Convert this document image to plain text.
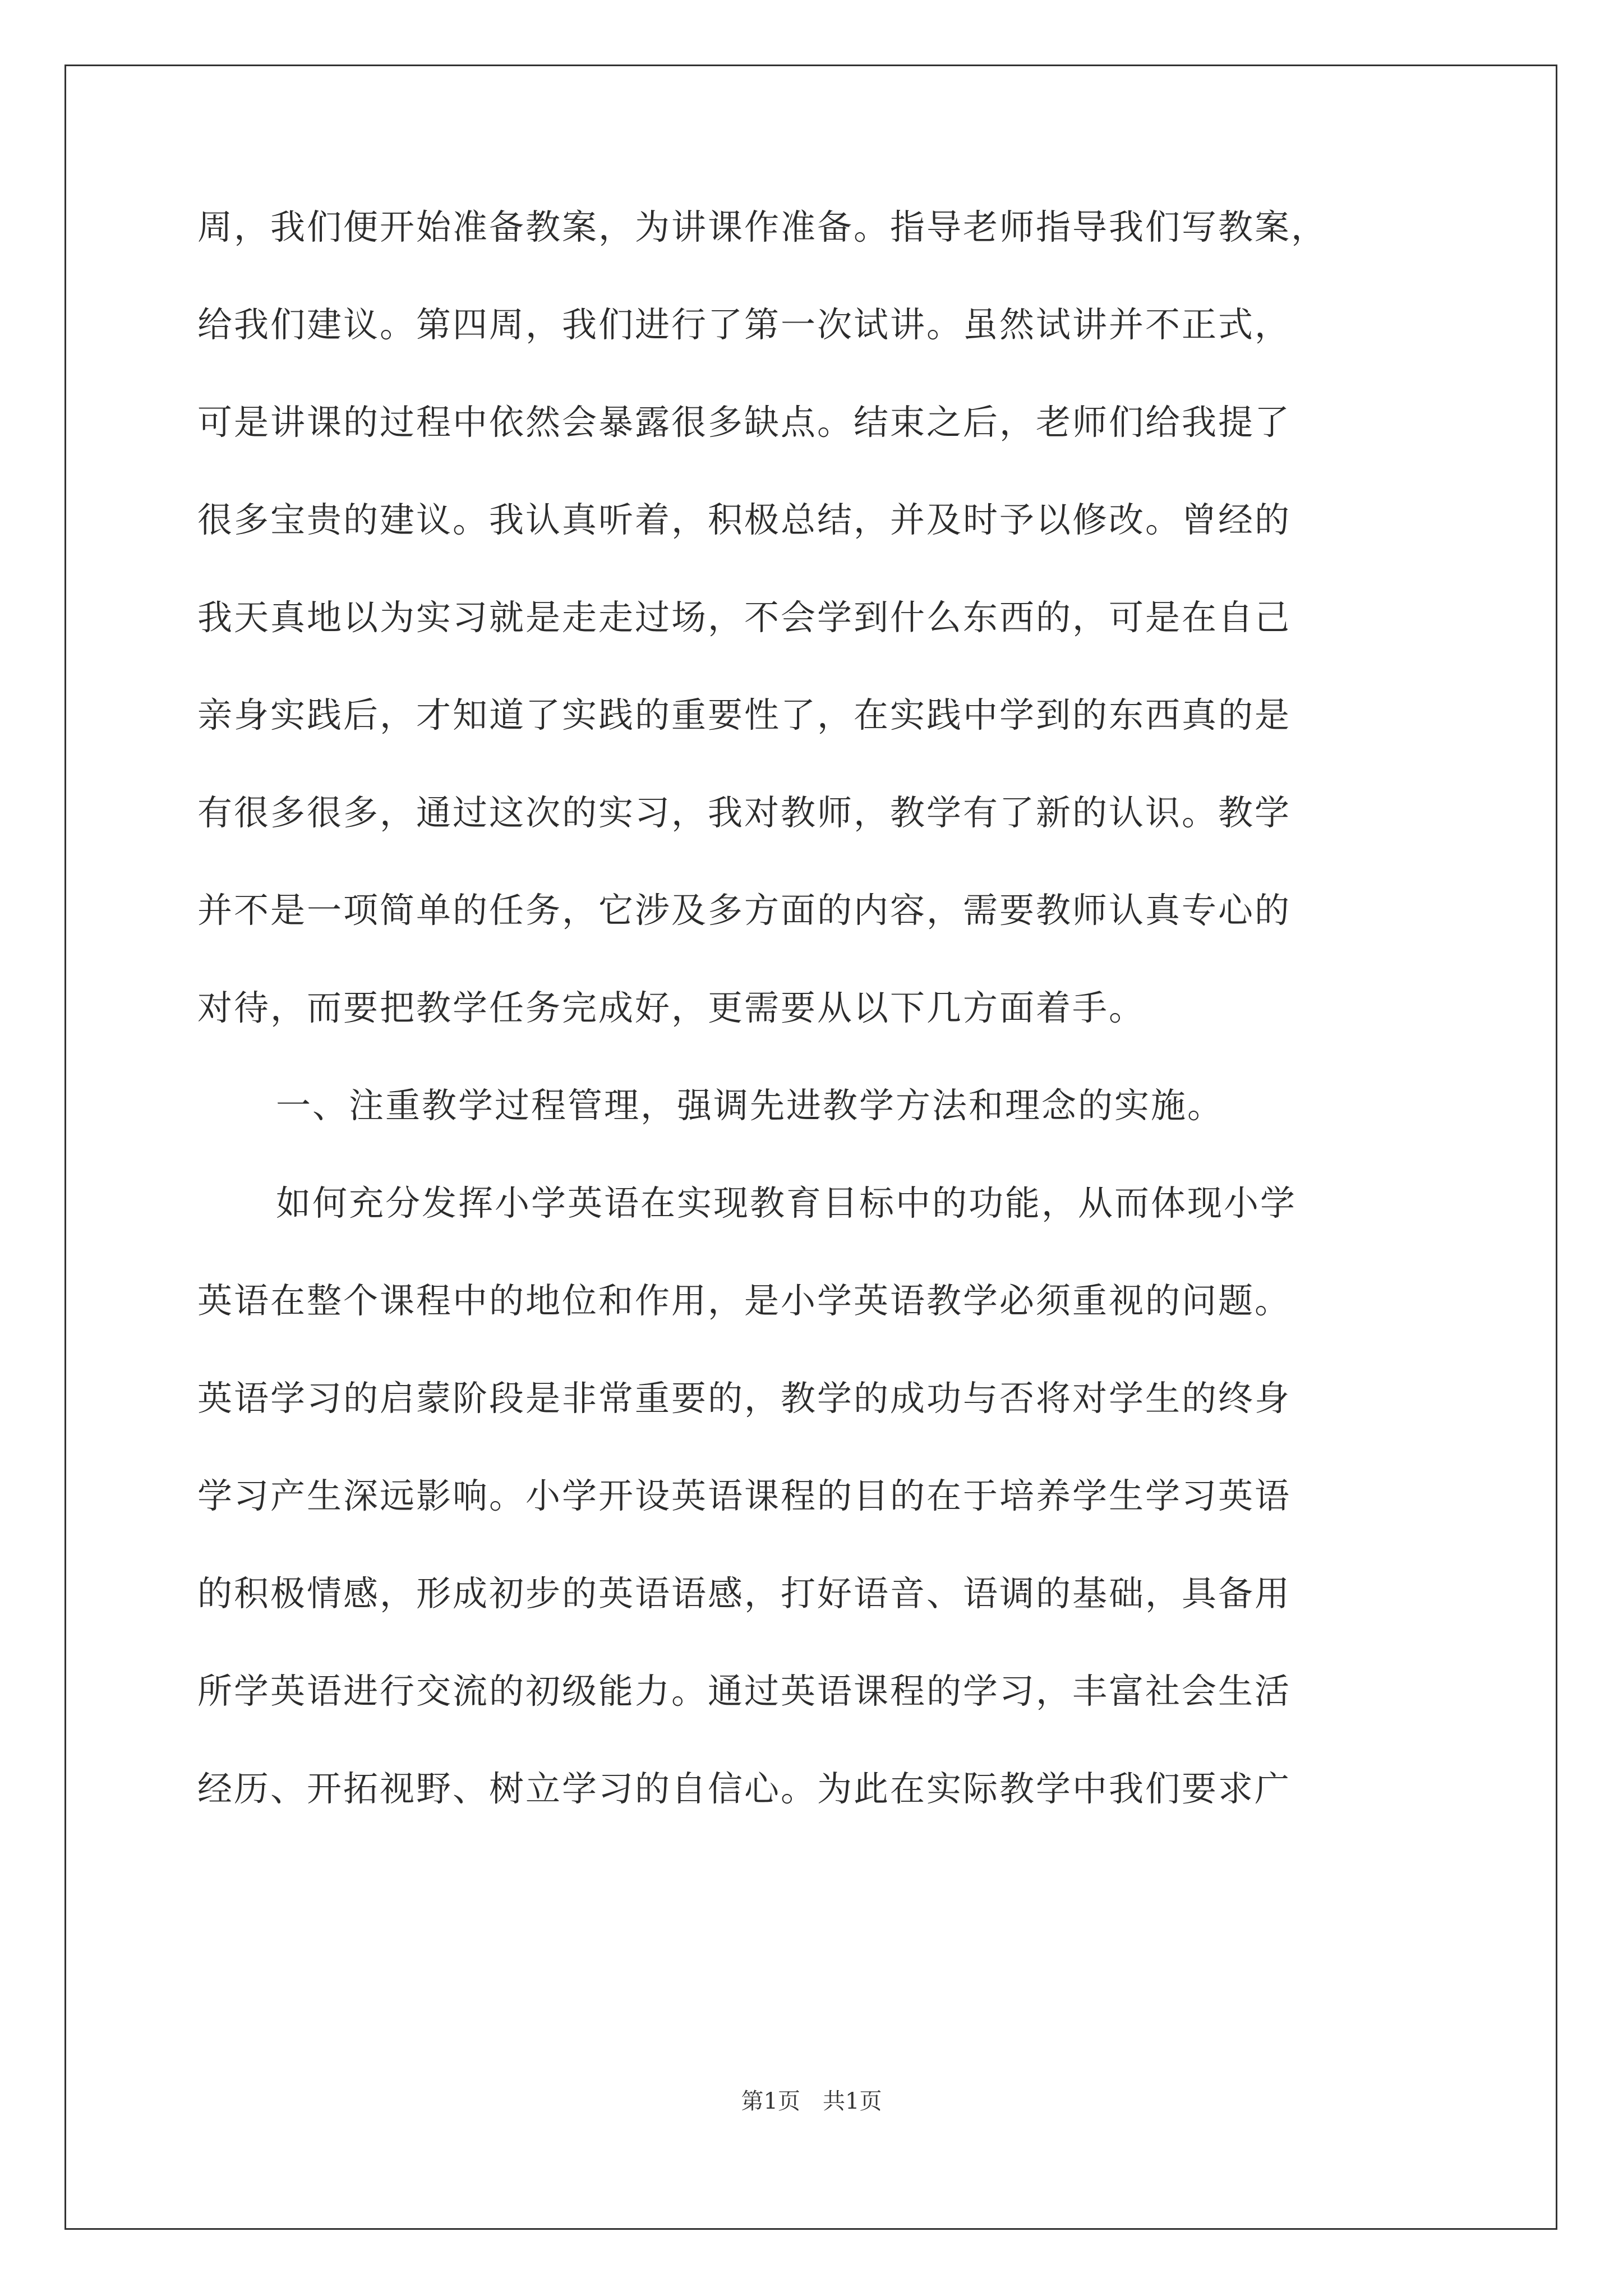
周，我们便开始准备教案，为讲课作准备。指导老师指导我们写教案，
给我们建议。第四周，我们进行了第一次试讲。虽然试讲并不正式，
可是讲课的过程中依然会暴露很多缺点。结束之后，老师们给我提了
很多宝贵的建议。我认真听着，积极总结，并及时予以修改。曾经的
我天真地以为实习就是走走过场，不会学到什么东西的，可是在自己
亲身实践后，才知道了实践的重要性了，在实践中学到的东西真的是
有很多很多，通过这次的实习，我对教师，教学有了新的认识。教学
并不是一项简单的任务，它涉及多方面的内容，需要教师认真专心的
对待，而要把教学任务完成好，更需要从以下几方面着手。
一、注重教学过程管理，强调先进教学方法和理念的实施。
如何充分发挥小学英语在实现教育目标中的功能，从而体现小学
英语在整个课程中的地位和作用，是小学英语教学必须重视的问题。
英语学习的启蒙阶段是非常重要的，教学的成功与否将对学生的终身
学习产生深远影响。小学开设英语课程的目的在于培养学生学习英语
的积极情感，形成初步的英语语感，打好语音、语调的基础，具备用
所学英语进行交流的初级能力。通过英语课程的学习，丰富社会生活
经历、开拓视野、树立学习的自信心。为此在实际教学中我们要求广
第1页　共1页
